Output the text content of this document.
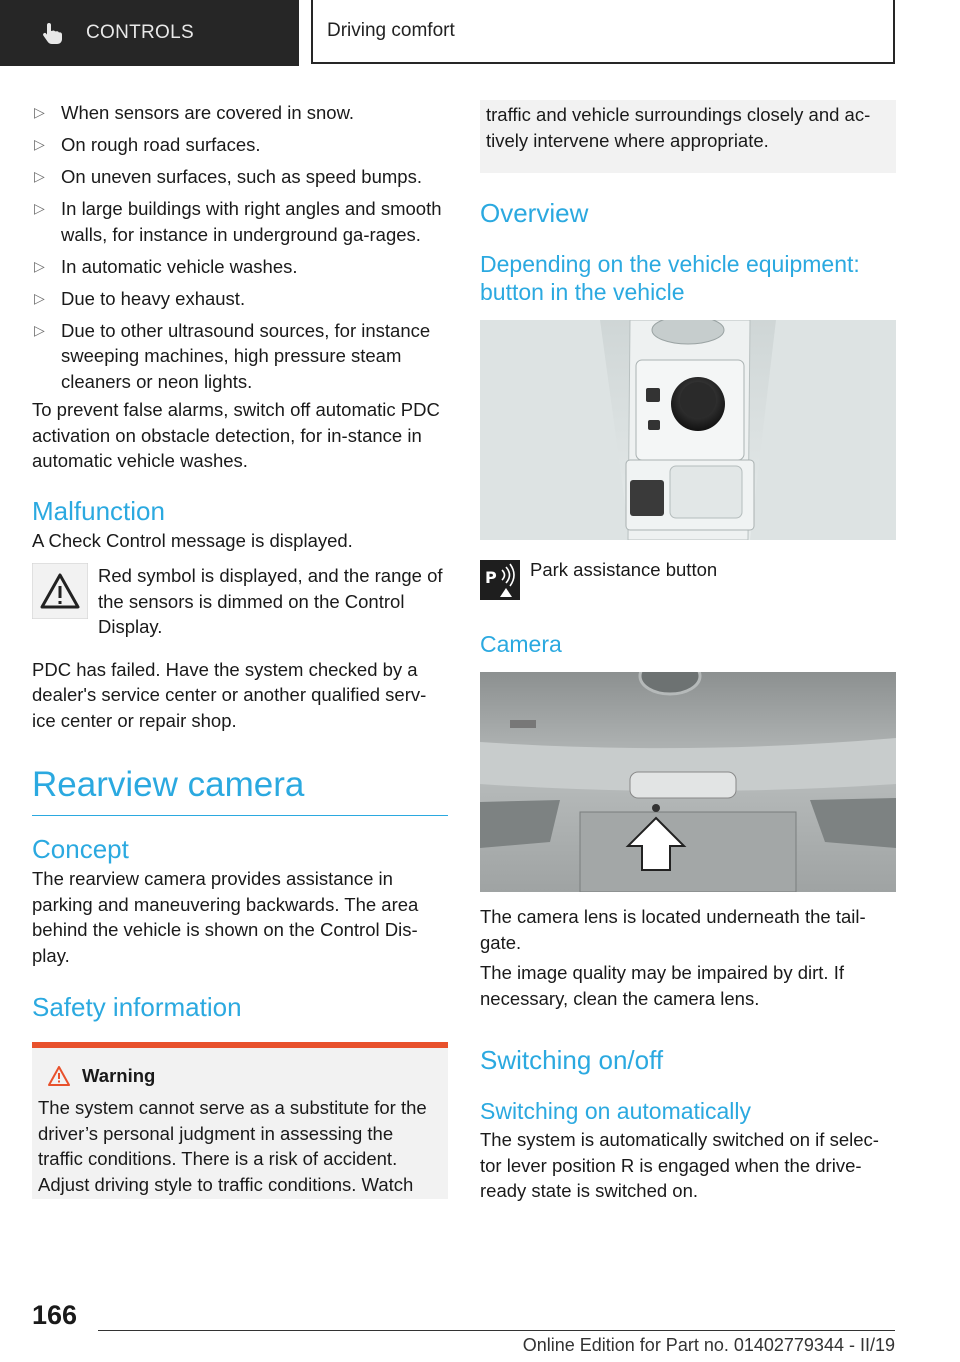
CONTROLS	Driving comfort
▷ When sensors are covered in snow.
▷ On rough road surfaces.
▷ On uneven surfaces, such as speed bumps.
▷ In large buildings with right angles and smooth walls, for instance in underground ga‐rages.
▷ In automatic vehicle washes.
▷ Due to heavy exhaust.
▷ Due to other ultrasound sources, for instance sweeping machines, high pressure steam cleaners or neon lights.

To prevent false alarms, switch off automatic PDC activation on obstacle detection, for in‐stance in automatic vehicle washes.

Malfunction

A Check Control message is displayed.

Red symbol is displayed, and the range of the sensors is dimmed on the Control Display.

PDC has failed. Have the system checked by a dealer's service center or another qualified serv‐ice center or repair shop.

Rearview camera
Concept

The rearview camera provides assistance in parking and maneuvering backwards. The area behind the vehicle is shown on the Control Dis‐play.

Safety information
Warning

The system cannot serve as a substitute for the driver’s personal judgment in assessing the traffic conditions. There is a risk of accident. Adjust driving style to traffic conditions. Watch

traffic and vehicle surroundings closely and ac‐tively intervene where appropriate.

Overview
Depending on the vehicle equipment: button in the vehicle
P Park assistance button

Camera

The camera lens is located underneath the tail‐gate.

The image quality may be impaired by dirt. If necessary, clean the camera lens.

Switching on/off
Switching on automatically

The system is automatically switched on if selec‐tor lever position R is engaged when the drive-ready state is switched on.

166
Online Edition for Part no. 01402779344 - II/19
